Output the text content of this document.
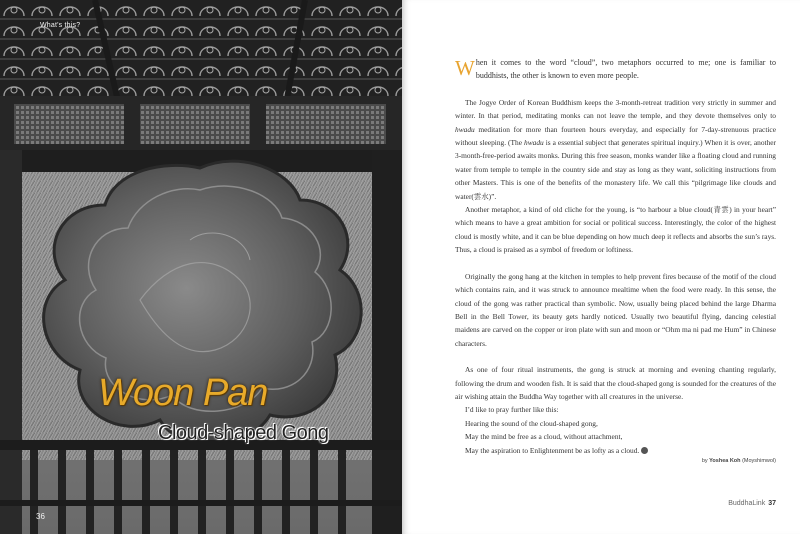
What's this?
Woon Pan
Cloud-shaped Gong
36

When it comes to the word “cloud”, two metaphors occurred to me; one is familiar to buddhists, the other is known to even more people.

The Jogye Order of Korean Buddhism keeps the 3-month-retreat tradition very strictly in summer and winter. In that period, meditating monks can not leave the temple, and they devote themselves only to hwadu meditation for more than fourteen hours everyday, and especially for 7-day-strenuous practice without sleeping. (The hwadu is a essential subject that generates spiritual inquiry.) When it is over, another 3-month-free-period awaits monks. During this free season, monks wander like a floating cloud and running water from temple to temple in the country side and stay as long as they want, soliciting instructions from other Masters. This is one of the benefits of the monastery life. We call this “pilgrimage like clouds and water(雲水)”.

Another metaphor, a kind of old cliche for the young, is “to harbour a blue cloud(青雲) in your heart” which means to have a great ambition for social or political success. Interestingly, the color of the highest cloud is mostly white, and it can be blue depending on how much deep it reflects and absorbs the sun’s rays. Thus, a cloud is praised as a symbol of freedom or loftiness.

Originally the gong hang at the kitchen in temples to help prevent fires because of the motif of the cloud which contains rain, and it was struck to announce mealtime when the food were ready. In this sense, the cloud of the gong was rather practical than symbolic. Now, usually being placed behind the large Dharma Bell in the Bell Tower, its beauty gets hardly noticed. Usually two beautiful flying, dancing celestial maidens are carved on the copper or iron plate with sun and moon or “Ohm ma ni pad me Hum” in Chinese characters.

As one of four ritual instruments, the gong is struck at morning and evening chanting regularly, following the drum and wooden fish. It is said that the cloud-shaped gong is sounded for the creatures of the air wishing attain the Buddha Way together with all creatures in the universe.

I’d like to pray further like this:

Hearing the sound of the cloud-shaped gong,

May the mind be free as a cloud, without attachment,

May the aspiration to Enlightenment be as lofty as a cloud.

by Yoshea Koh (Moyshimwol)
BuddhaLink 37
